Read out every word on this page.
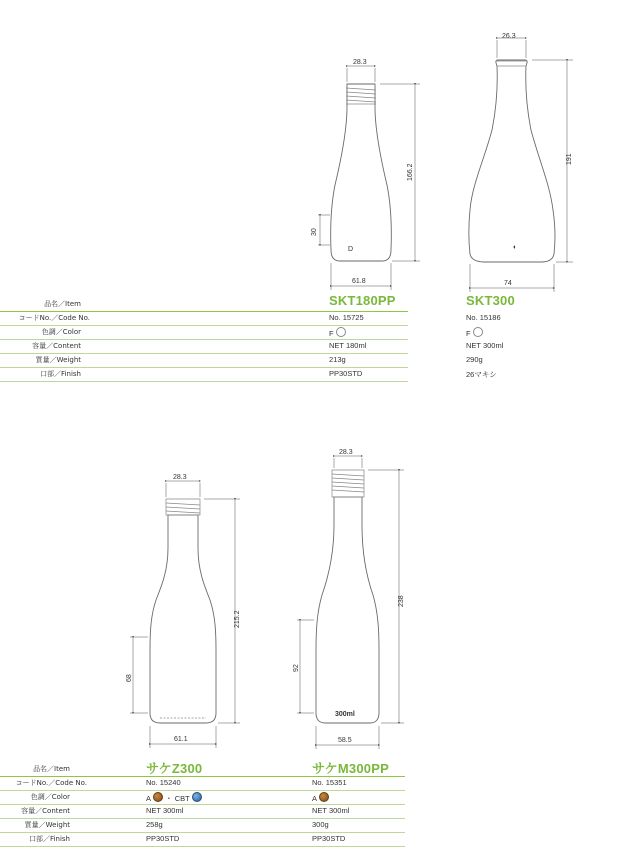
D
28.3
166.2
30
61.8
◐
26.3
191
74
28.3
215.2
68
61.1
300ml
28.3
238
92
58.5
品名／Item	SKT180PP	SKT300
コードNo.／Code No.	No. 15725	No. 15186
色調／Color	F	F
容量／Content	NET 180ml	NET 300ml
質量／Weight	213g	290g
口部／Finish	PP30STD	26マキシ
品名／Item	サケZ300	サケM300PP
コードNo.／Code No.	No. 15240	No. 15351
色調／Color	A ・ CBT	A
容量／Content	NET 300ml	NET 300ml
質量／Weight	258g	300g
口部／Finish	PP30STD	PP30STD
